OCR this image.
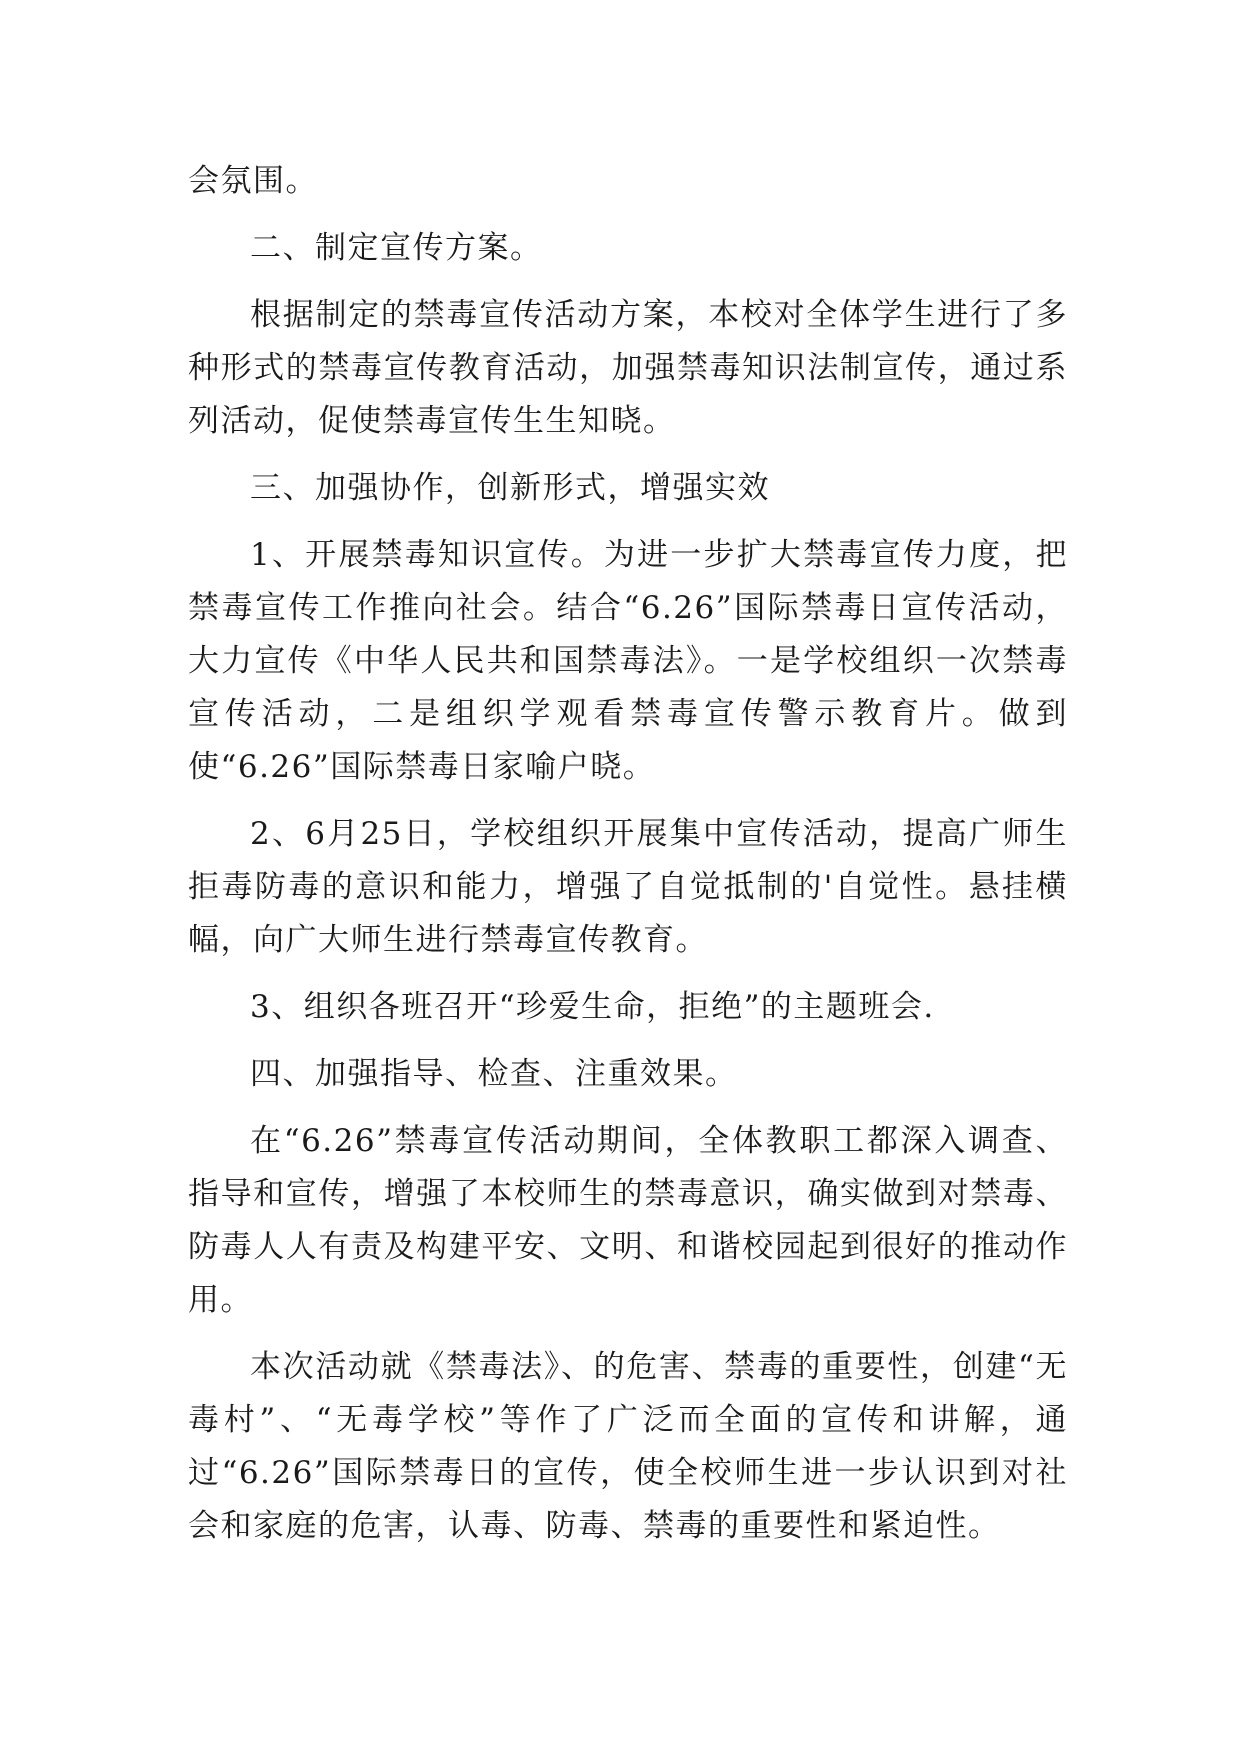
会氛围。

二、制定宣传方案。

根据制定的禁毒宣传活动方案，本校对全体学生进行了多种形式的禁毒宣传教育活动，加强禁毒知识法制宣传，通过系列活动，促使禁毒宣传生生知晓。

三、加强协作，创新形式，增强实效

1、开展禁毒知识宣传。为进一步扩大禁毒宣传力度，把禁毒宣传工作推向社会。结合“6.26”国际禁毒日宣传活动，大力宣传《中华人民共和国禁毒法》。一是学校组织一次禁毒宣传活动，二是组织学观看禁毒宣传警示教育片。做到使“6.26”国际禁毒日家喻户晓。

2、6月25日，学校组织开展集中宣传活动，提高广师生拒毒防毒的意识和能力，增强了自觉抵制的'自觉性。悬挂横幅，向广大师生进行禁毒宣传教育。

3、组织各班召开“珍爱生命，拒绝”的主题班会.

四、加强指导、检查、注重效果。

在“6.26”禁毒宣传活动期间，全体教职工都深入调查、指导和宣传，增强了本校师生的禁毒意识，确实做到对禁毒、防毒人人有责及构建平安、文明、和谐校园起到很好的推动作用。

本次活动就《禁毒法》、的危害、禁毒的重要性，创建“无毒村”、“无毒学校”等作了广泛而全面的宣传和讲解，通过“6.26”国际禁毒日的宣传，使全校师生进一步认识到对社会和家庭的危害，认毒、防毒、禁毒的重要性和紧迫性。
